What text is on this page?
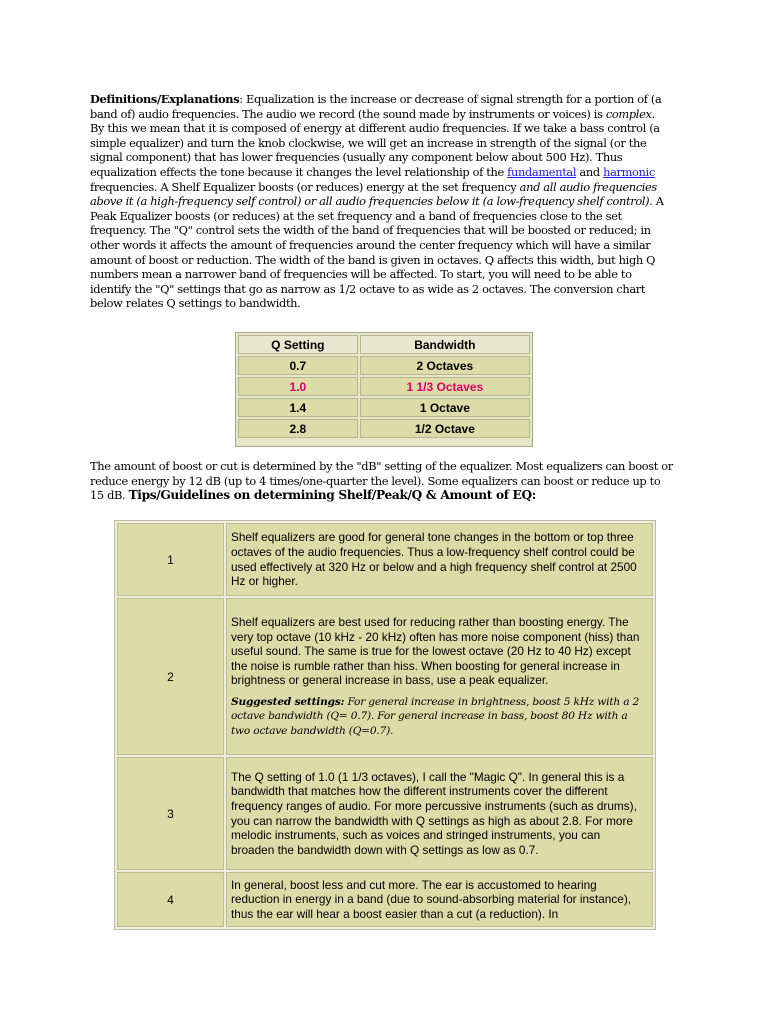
Definitions/Explanations: Equalization is the increase or decrease of signal strength for a portion of (a band of) audio frequencies. The audio we record (the sound made by instruments or voices) is complex. By this we mean that it is composed of energy at different audio frequencies. If we take a bass control (a simple equalizer) and turn the knob clockwise, we will get an increase in strength of the signal (or the signal component) that has lower frequencies (usually any component below about 500 Hz). Thus equalization effects the tone because it changes the level relationship of the fundamental and harmonic frequencies. A Shelf Equalizer boosts (or reduces) energy at the set frequency and all audio frequencies above it (a high-frequency self control) or all audio frequencies below it (a low-frequency shelf control). A Peak Equalizer boosts (or reduces) at the set frequency and a band of frequencies close to the set frequency. The "Q" control sets the width of the band of frequencies that will be boosted or reduced; in other words it affects the amount of frequencies around the center frequency which will have a similar amount of boost or reduction. The width of the band is given in octaves. Q affects this width, but high Q numbers mean a narrower band of frequencies will be affected. To start, you will need to be able to identify the "Q" settings that go as narrow as 1/2 octave to as wide as 2 octaves. The conversion chart below relates Q settings to bandwidth.

Q Setting	Bandwidth
0.7	2 Octaves
1.0	1 1/3 Octaves
1.4	1 Octave
2.8	1/2 Octave

The amount of boost or cut is determined by the "dB" setting of the equalizer. Most equalizers can boost or reduce energy by 12 dB (up to 4 times/one-quarter the level). Some equalizers can boost or reduce up to 15 dB. Tips/Guidelines on determining Shelf/Peak/Q & Amount of EQ:

1	Shelf equalizers are good for general tone changes in the bottom or top three octaves of the audio frequencies. Thus a low-frequency shelf control could be used effectively at 320 Hz or below and a high frequency shelf control at 2500 Hz or higher.
2	Shelf equalizers are best used for reducing rather than boosting energy. The very top octave (10 kHz - 20 kHz) often has more noise component (hiss) than useful sound. The same is true for the lowest octave (20 Hz to 40 Hz) except the noise is rumble rather than hiss. When boosting for general increase in brightness or general increase in bass, use a peak equalizer.
Suggested settings: For general increase in brightness, boost 5 kHz with a 2 octave bandwidth (Q= 0.7). For general increase in bass, boost 80 Hz with a two octave bandwidth (Q=0.7).

3	The Q setting of 1.0 (1 1/3 octaves), I call the "Magic Q". In general this is a bandwidth that matches how the different instruments cover the different frequency ranges of audio. For more percussive instruments (such as drums), you can narrow the bandwidth with Q settings as high as about 2.8. For more melodic instruments, such as voices and stringed instruments, you can broaden the bandwidth down with Q settings as low as 0.7.
4	In general, boost less and cut more. The ear is accustomed to hearing reduction in energy in a band (due to sound-absorbing material for instance), thus the ear will hear a boost easier than a cut (a reduction). In
